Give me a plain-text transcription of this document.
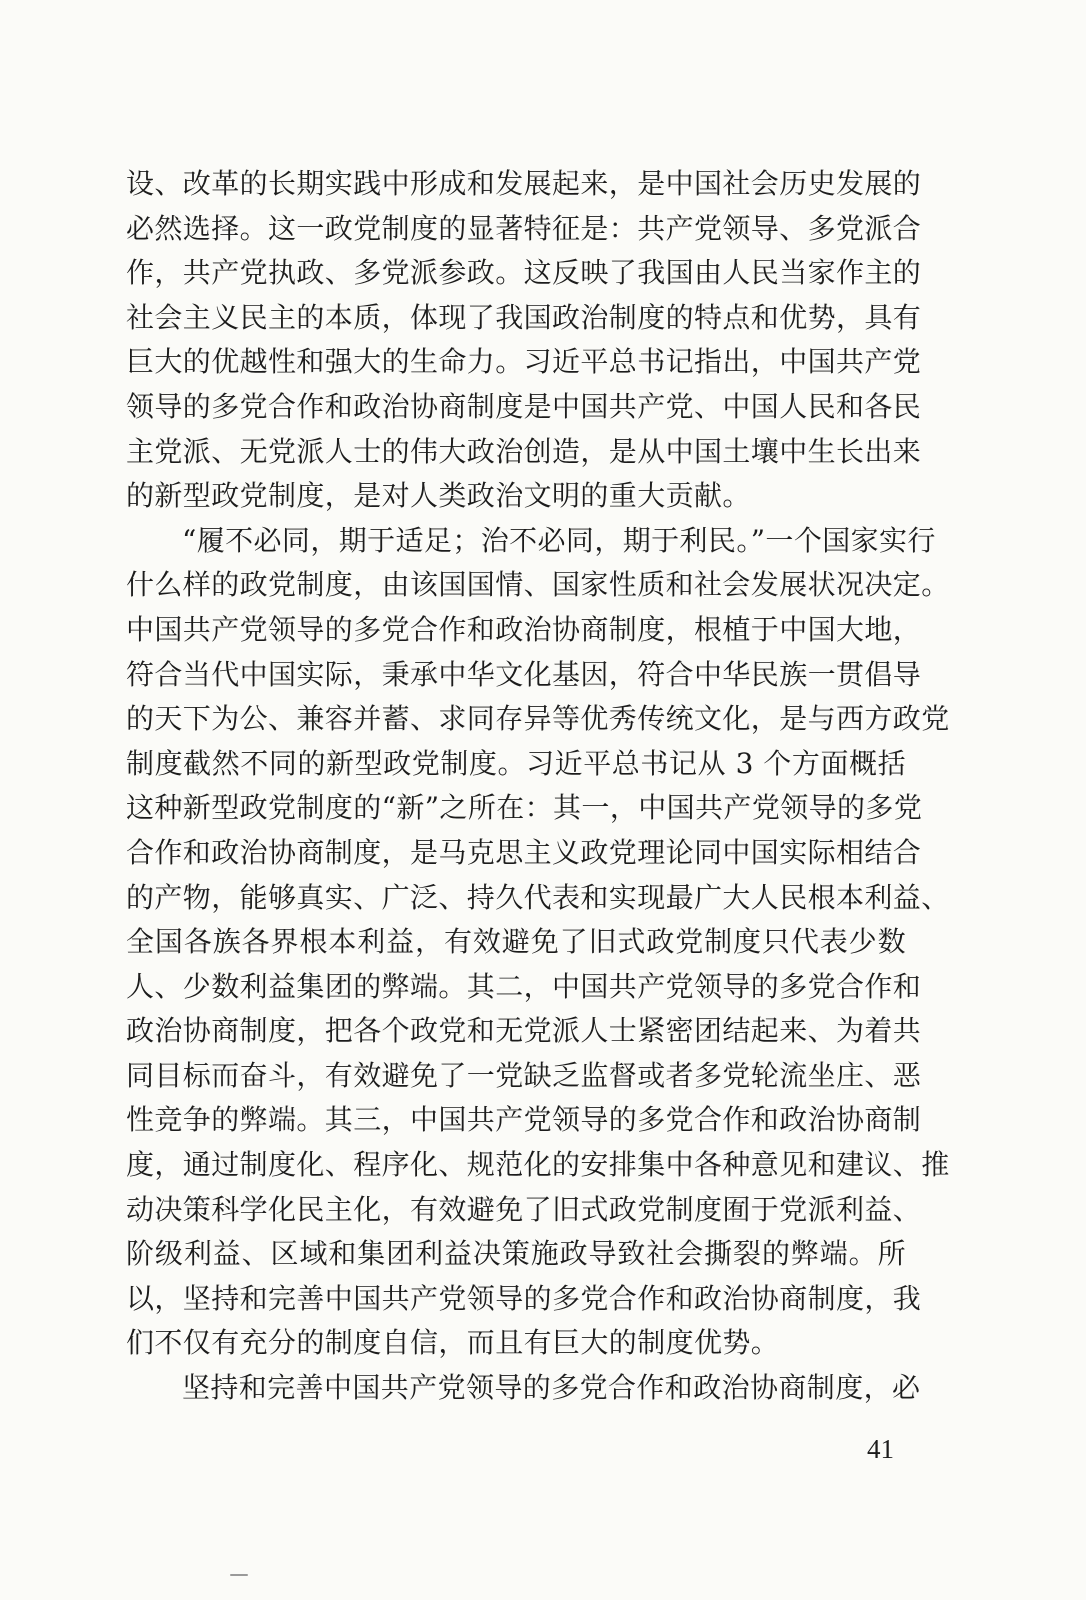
设、改革的长期实践中形成和发展起来，是中国社会历史发展的
必然选择。这一政党制度的显著特征是：共产党领导、多党派合
作，共产党执政、多党派参政。这反映了我国由人民当家作主的
社会主义民主的本质，体现了我国政治制度的特点和优势，具有
巨大的优越性和强大的生命力。习近平总书记指出，中国共产党
领导的多党合作和政治协商制度是中国共产党、中国人民和各民
主党派、无党派人士的伟大政治创造，是从中国土壤中生长出来
的新型政党制度，是对人类政治文明的重大贡献。
“履不必同，期于适足；治不必同，期于利民。”一个国家实行
什么样的政党制度，由该国国情、国家性质和社会发展状况决定。
中国共产党领导的多党合作和政治协商制度，根植于中国大地，
符合当代中国实际，秉承中华文化基因，符合中华民族一贯倡导
的天下为公、兼容并蓄、求同存异等优秀传统文化，是与西方政党
制度截然不同的新型政党制度。习近平总书记从 3 个方面概括
这种新型政党制度的“新”之所在：其一，中国共产党领导的多党
合作和政治协商制度，是马克思主义政党理论同中国实际相结合
的产物，能够真实、广泛、持久代表和实现最广大人民根本利益、
全国各族各界根本利益，有效避免了旧式政党制度只代表少数
人、少数利益集团的弊端。其二，中国共产党领导的多党合作和
政治协商制度，把各个政党和无党派人士紧密团结起来、为着共
同目标而奋斗，有效避免了一党缺乏监督或者多党轮流坐庄、恶
性竞争的弊端。其三，中国共产党领导的多党合作和政治协商制
度，通过制度化、程序化、规范化的安排集中各种意见和建议、推
动决策科学化民主化，有效避免了旧式政党制度囿于党派利益、
阶级利益、区域和集团利益决策施政导致社会撕裂的弊端。所
以，坚持和完善中国共产党领导的多党合作和政治协商制度，我
们不仅有充分的制度自信，而且有巨大的制度优势。
坚持和完善中国共产党领导的多党合作和政治协商制度，必
41
